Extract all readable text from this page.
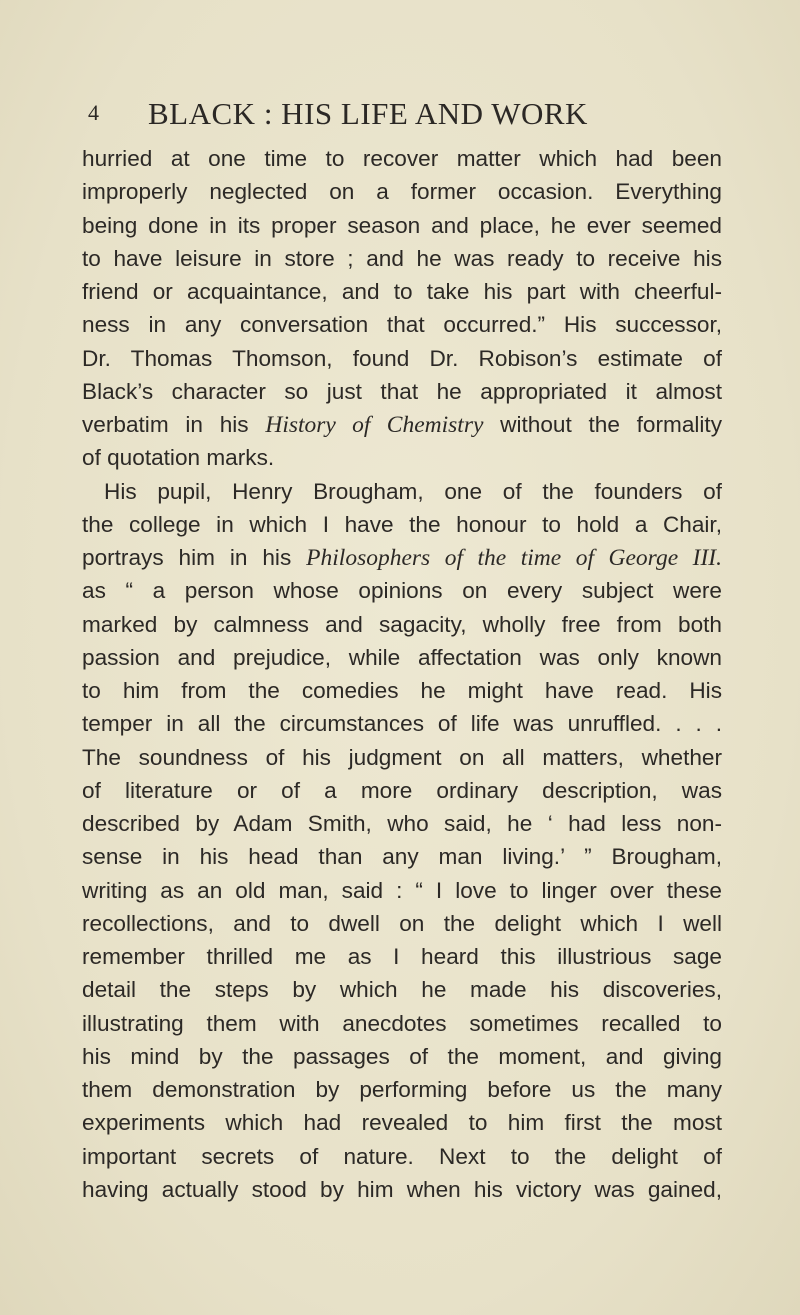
4 BLACK : HIS LIFE AND WORK
hurried at one time to recover matter which had been
improperly neglected on a former occasion. Everything
being done in its proper season and place, he ever seemed
to have leisure in store ; and he was ready to receive his
friend or acquaintance, and to take his part with cheerful-
ness in any conversation that occurred.” His successor,
Dr. Thomas Thomson, found Dr. Robison’s estimate of
Black’s character so just that he appropriated it almost
verbatim in his History of Chemistry without the formality
of quotation marks.
His pupil, Henry Brougham, one of the founders of
the college in which I have the honour to hold a Chair,
portrays him in his Philosophers of the time of George III.
as “ a person whose opinions on every subject were
marked by calmness and sagacity, wholly free from both
passion and prejudice, while affectation was only known
to him from the comedies he might have read. His
temper in all the circumstances of life was unruffled. . . .
The soundness of his judgment on all matters, whether
of literature or of a more ordinary description, was
described by Adam Smith, who said, he ‘ had less non-
sense in his head than any man living.’ ” Brougham,
writing as an old man, said : “ I love to linger over these
recollections, and to dwell on the delight which I well
remember thrilled me as I heard this illustrious sage
detail the steps by which he made his discoveries,
illustrating them with anecdotes sometimes recalled to
his mind by the passages of the moment, and giving
them demonstration by performing before us the many
experiments which had revealed to him first the most
important secrets of nature. Next to the delight of
having actually stood by him when his victory was gained,
